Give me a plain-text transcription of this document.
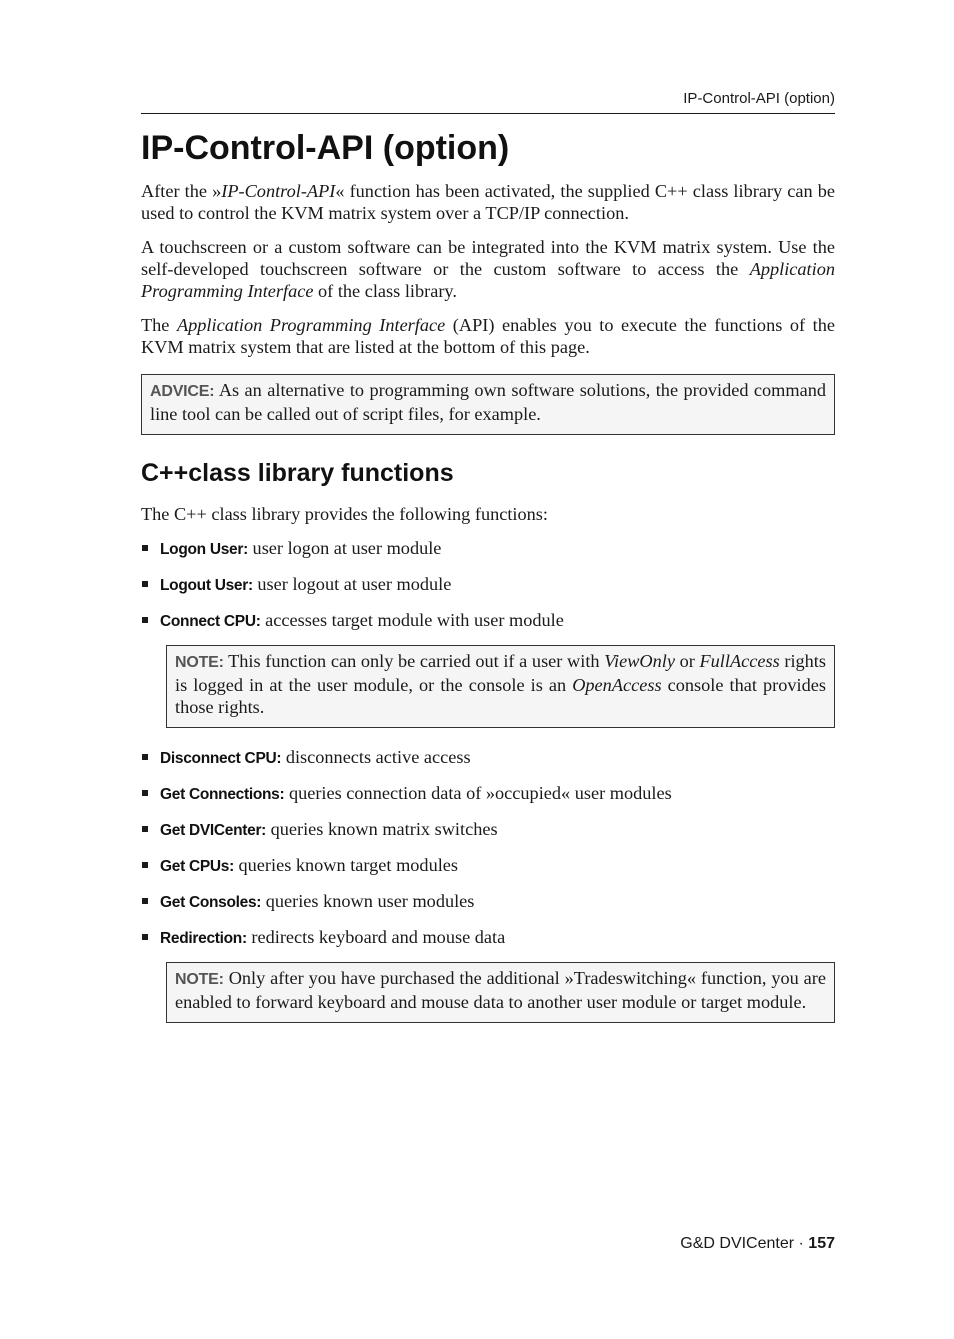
IP-Control-API (option)
IP-Control-API (option)

After the »IP-Control-API« function has been activated, the supplied C++ class library can be used to control the KVM matrix system over a TCP/IP connection.

A touchscreen or a custom software can be integrated into the KVM matrix system. Use the self-developed touchscreen software or the custom software to access the Application Programming Interface of the class library.

The Application Programming Interface (API) enables you to execute the functions of the KVM matrix system that are listed at the bottom of this page.

ADVICE: As an alternative to programming own software solutions, the provided command line tool can be called out of script files, for example.
C++class library functions

The C++ class library provides the following functions:

Logon User: user logon at user module
Logout User: user logout at user module
Connect CPU: accesses target module with user module
NOTE: This function can only be carried out if a user with ViewOnly or FullAccess rights is logged in at the user module, or the console is an OpenAccess console that provides those rights.
Disconnect CPU: disconnects active access
Get Connections: queries connection data of »occupied« user modules
Get DVICenter: queries known matrix switches
Get CPUs: queries known target modules
Get Consoles: queries known user modules
Redirection: redirects keyboard and mouse data
NOTE: Only after you have purchased the additional »Tradeswitching« function, you are enabled to forward keyboard and mouse data to another user module or target module.
G&D DVICenter · 157
